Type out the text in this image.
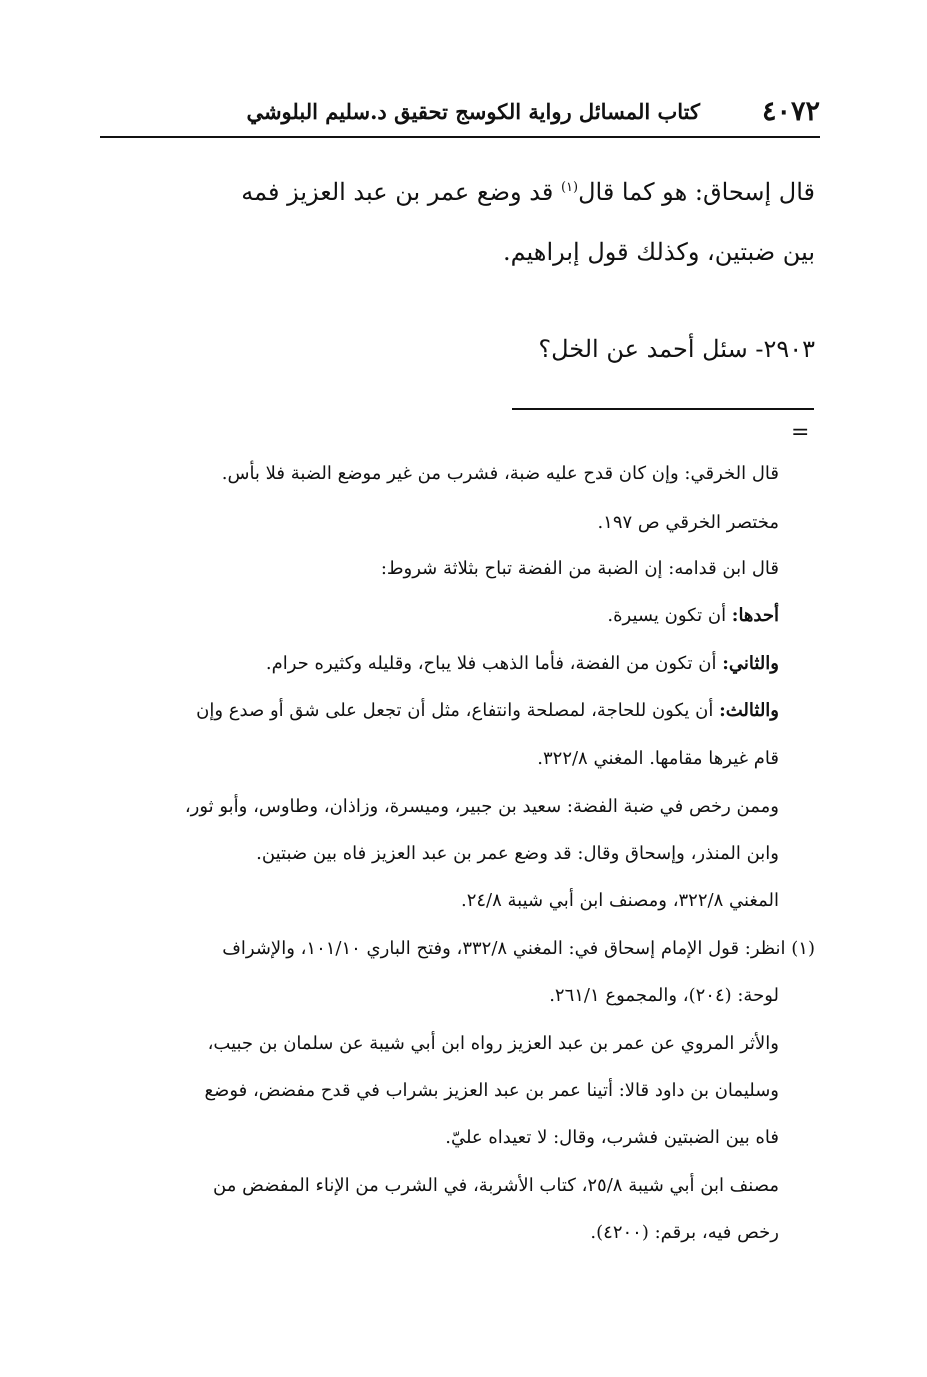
٤٠٧٢
كتاب المسائل رواية الكوسج تحقيق د.سليم البلوشي
قال إسحاق: هو كما قال$^{(١)}$ قد وضع عمر بن عبد العزيز فمه
بين ضبتين، وكذلك قول إبراهيم.
٢٩٠٣- سئل أحمد عن الخل؟
=
قال الخرقي: وإن كان قدح عليه ضبة، فشرب من غير موضع الضبة فلا بأس.
مختصر الخرقي ص ١٩٧.
قال ابن قدامه: إن الضبة من الفضة تباح بثلاثة شروط:
أحدها: أن تكون يسيرة.
والثاني: أن تكون من الفضة، فأما الذهب فلا يباح، وقليله وكثيره حرام.
والثالث: أن يكون للحاجة، لمصلحة وانتفاع، مثل أن تجعل على شق أو صدع وإن
قام غيرها مقامها. المغني ٣٢٢/٨.
وممن رخص في ضبة الفضة: سعيد بن جبير، وميسرة، وزاذان، وطاوس، وأبو ثور،
وابن المنذر، وإسحاق وقال: قد وضع عمر بن عبد العزيز فاه بين ضبتين.
المغني ٣٢٢/٨، ومصنف ابن أبي شيبة ٢٤/٨.
(١) انظر: قول الإمام إسحاق في: المغني ٣٣٢/٨، وفتح الباري ١٠١/١٠، والإشراف
لوحة: (٢٠٤)، والمجموع ٢٦١/١.
والأثر المروي عن عمر بن عبد العزيز رواه ابن أبي شيبة عن سلمان بن جبيب،
وسليمان بن داود قالا: أتينا عمر بن عبد العزيز بشراب في قدح مفضض، فوضع
فاه بين الضبتين فشرب، وقال: لا تعيداه عليّ.
مصنف ابن أبي شيبة ٢٥/٨، كتاب الأشربة، في الشرب من الإناء المفضض من
رخص فيه، برقم: (٤٢٠٠).
